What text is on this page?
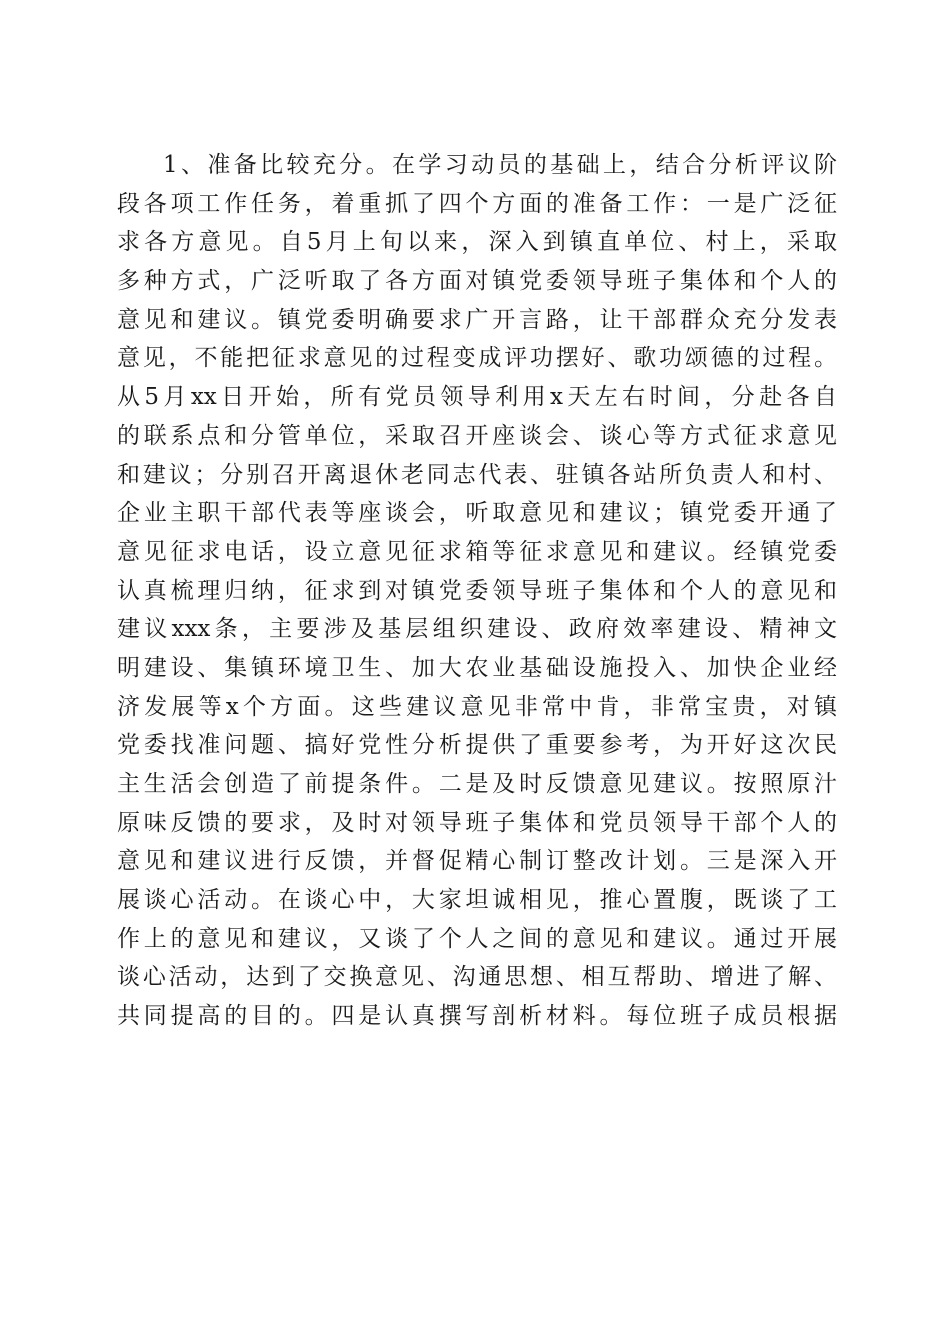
1、准备比较充分。在学习动员的基础上，结合分析评议阶
段各项工作任务，着重抓了四个方面的准备工作：一是广泛征
求各方意见。自5月上旬以来，深入到镇直单位、村上，采取
多种方式，广泛听取了各方面对镇党委领导班子集体和个人的
意见和建议。镇党委明确要求广开言路，让干部群众充分发表
意见，不能把征求意见的过程变成评功摆好、歌功颂德的过程。
从5月xx日开始，所有党员领导利用x天左右时间，分赴各自
的联系点和分管单位，采取召开座谈会、谈心等方式征求意见
和建议；分别召开离退休老同志代表、驻镇各站所负责人和村、
企业主职干部代表等座谈会，听取意见和建议；镇党委开通了
意见征求电话，设立意见征求箱等征求意见和建议。经镇党委
认真梳理归纳，征求到对镇党委领导班子集体和个人的意见和
建议xxx条，主要涉及基层组织建设、政府效率建设、精神文
明建设、集镇环境卫生、加大农业基础设施投入、加快企业经
济发展等x个方面。这些建议意见非常中肯，非常宝贵，对镇
党委找准问题、搞好党性分析提供了重要参考，为开好这次民
主生活会创造了前提条件。二是及时反馈意见建议。按照原汁
原味反馈的要求，及时对领导班子集体和党员领导干部个人的
意见和建议进行反馈，并督促精心制订整改计划。三是深入开
展谈心活动。在谈心中，大家坦诚相见，推心置腹，既谈了工
作上的意见和建议，又谈了个人之间的意见和建议。通过开展
谈心活动，达到了交换意见、沟通思想、相互帮助、增进了解、
共同提高的目的。四是认真撰写剖析材料。每位班子成员根据
